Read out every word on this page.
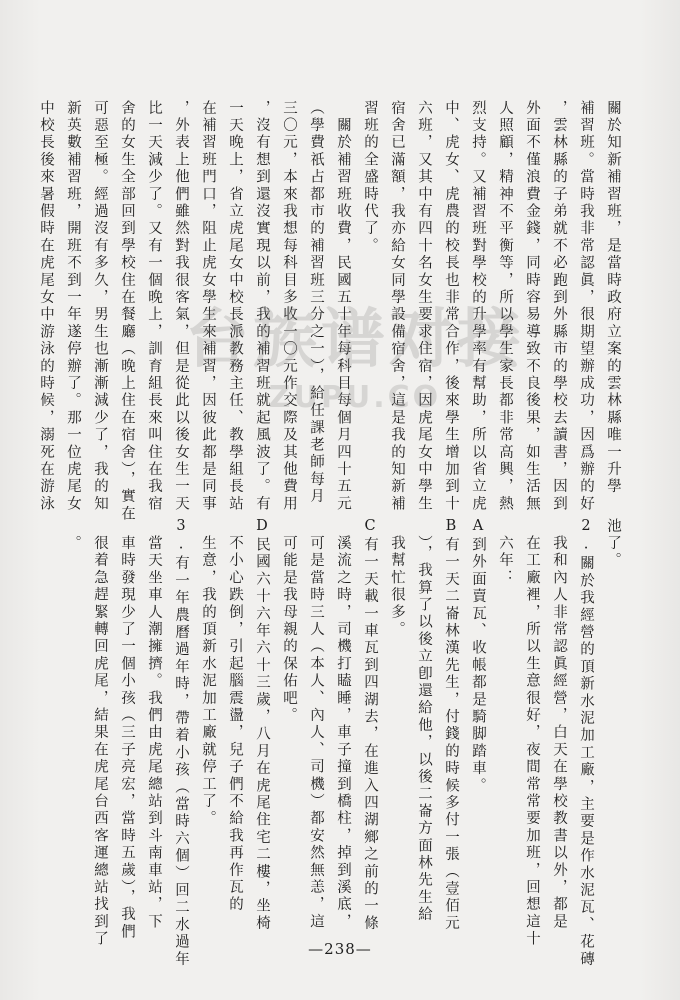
關於知新補習班，是當時政府立案的雲林縣唯一升學
補習班。當時我非常認眞，很期望辦成功，因爲辦的好
，雲林縣的子弟就不必跑到外縣市的學校去讀書，因到
外面不僅浪費金錢，同時容易導致不良後果，如生活無
人照顧，精神不平衡等，所以學生家長都非常高興，熱
烈支持。又補習班對學校的升學率有幫助，所以省立虎
中、虎女、虎農的校長也非常合作，後來學生增加到十
六班，又其中有四十名女生要求住宿，因虎尾女中學生
宿舍已滿額，我亦給女同學設備宿舍，這是我的知新補
習班的全盛時代了。
　關於補習班收費，民國五十年每科目每個月四十五元
（學費祇占都市的補習班三分之一），給任課老師每月
三〇元，本來我想每科目多收一〇元作交際及其他費用
，沒有想到還沒實現以前，我的補習班就起風波了。有
一天晚上，省立虎尾女中校長派教務主任、教學組長站
在補習班門口，阻止虎女學生來補習，因彼此都是同事
，外表上他們雖然對我很客氣，但是從此以後女生一天
比一天減少了。又有一個晚上，訓育組長來叫住在我宿
舍的女生全部回到學校住在餐廳（晚上住在宿舍），實在
可惡至極。經過沒有多久，男生也漸漸減少了，我的知
新英數補習班，開班不到一年遂停辦了。那一位虎尾女
中校長後來暑假時在虎尾女中游泳的時候，溺死在游泳
池了。
2.關於我經營的頂新水泥加工廠，主要是作水泥瓦、花磚
　我和內人非常認眞經營，白天在學校教書以外，都是
　在工廠裡，所以生意很好，夜間常常要加班，回想這十
　六年：
A到外面賣瓦、收帳都是騎脚踏車。
B有一天二崙林漢先生，付錢的時候多付一張（壹佰元
　），我算了以後立卽還給他，以後二崙方面林先生給
　我幫忙很多。
C有一天載一車瓦到四湖去，在進入四湖鄉之前的一條
　溪流之時，司機打瞌睡，車子撞到橋柱，掉到溪底，
　可是當時三人（本人、內人、司機）都安然無恙，這
　可能是我母親的保佑吧。
D民國六十六年六十三歲，八月在虎尾住宅二樓，坐椅
　不小心跌倒，引起腦震盪，兒子們不給我再作瓦的
　生意，我的頂新水泥加工廠就停工了。
3.有一年農曆過年時，帶着小孩（當時六個）回二水過年
　當天坐車人潮擁擠。我們由虎尾總站到斗南車站，下
　車時發現少了一個小孩（三子亮宏，當時五歲），我們
　很着急趕緊轉回虎尾，結果在虎尾台西客運總站找到了
　。
台族谱对接
ZUPU.CO
—238—
